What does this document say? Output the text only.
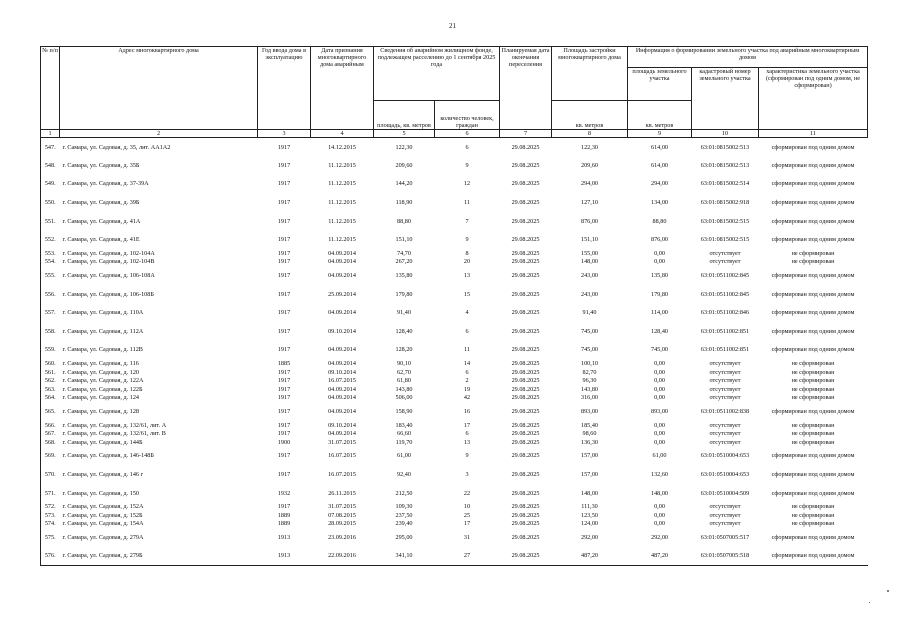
21
№ п/п	Адрес многоквартирного дома	Год ввода дома в эксплуатацию	Дата признания многоквартирного дома аварийным	Сведения об аварийном жилищном фонде, подлежащем расселению до 1 сентября 2025 года		Планируемая дата окончания переселения	Площадь застройки многоквартирного дома	Информация о формировании земельного участка под аварийным многоквартирным домом		
								площадь земельного участка	кадастровый номер земельного участка	характеристика земельного участка (сформирован под одним домом, не сформирован)
				площадь, кв. метров	количество человек, граждан		кв. метров	кв. метров		
1	2	3	4	5	6	7	8	9	10	11
547.	г. Самара, ул. Садовая, д. 35, лит. АА1А2	1917	14.12.2015	122,30	6	29.08.2025	122,30	614,00	63:01:0815002:513	сформирован под одним домом
548.	г. Самара, ул. Садовая, д. 35Б	1917	11.12.2015	209,60	9	29.08.2025	209,60	614,00	63:01:0815002:513	сформирован под одним домом
549.	г. Самара, ул. Садовая, д. 37-39А	1917	11.12.2015	144,20	12	29.08.2025	294,00	294,00	63:01:0815002:514	сформирован под одним домом
550.	г. Самара, ул. Садовая, д. 39Б	1917	11.12.2015	118,90	11	29.08.2025	127,10	134,00	63:01:0815002:918	сформирован под одним домом
551.	г. Самара, ул. Садовая, д. 41А	1917	11.12.2015	88,80	7	29.08.2025	876,00	88,80	63:01:0815002:515	сформирован под одним домом
552.	г. Самара, ул. Садовая, д. 41Е	1917	11.12.2015	151,10	9	29.08.2025	151,10	876,00	63:01:0815002:515	сформирован под одним домом
553.	г. Самара, ул. Садовая, д. 102-104А	1917	04.09.2014	74,70	8	29.08.2025	155,00	0,00	отсутствует	не сформирован
554.	г. Самара, ул. Садовая, д. 102-104В	1917	04.09.2014	267,20	20	29.08.2025	148,00	0,00	отсутствует	не сформирован
555.	г. Самара, ул. Садовая, д. 106-108А	1917	04.09.2014	135,80	13	29.08.2025	243,00	135,80	63:01:0511002:845	сформирован под одним домом
556.	г. Самара, ул. Садовая, д. 106-108Б	1917	25.09.2014	179,80	15	29.08.2025	243,00	179,80	63:01:0511002:845	сформирован под одним домом
557.	г. Самара, ул. Садовая, д. 110А	1917	04.09.2014	91,40	4	29.08.2025	91,40	114,00	63:01:0511002:846	сформирован под одним домом
558.	г. Самара, ул. Садовая, д. 112А	1917	09.10.2014	128,40	6	29.08.2025	745,00	128,40	63:01:0511002:851	сформирован под одним домом
559.	г. Самара, ул. Садовая, д. 112В	1917	04.09.2014	128,20	11	29.08.2025	745,00	745,00	63:01:0511002:851	сформирован под одним домом
560.	г. Самара, ул. Садовая, д. 116	1885	04.09.2014	90,10	14	29.08.2025	100,10	0,00	отсутствует	не сформирован
561.	г. Самара, ул. Садовая, д. 120	1917	09.10.2014	62,70	6	29.08.2025	82,70	0,00	отсутствует	не сформирован
562.	г. Самара, ул. Садовая, д. 122А	1917	16.07.2015	61,80	2	29.08.2025	96,30	0,00	отсутствует	не сформирован
563.	г. Самара, ул. Садовая, д. 122Б	1917	04.09.2014	143,80	19	29.08.2025	143,80	0,00	отсутствует	не сформирован
564.	г. Самара, ул. Садовая, д. 124	1917	04.09.2014	506,00	42	29.08.2025	316,00	0,00	отсутствует	не сформирован
565.	г. Самара, ул. Садовая, д. 128	1917	04.09.2014	158,90	16	29.08.2025	893,00	893,00	63:01:0511002:838	сформирован под одним домом
566.	г. Самара, ул. Садовая, д. 132/61, лит. А	1917	09.10.2014	183,40	17	29.08.2025	185,40	0,00	отсутствует	не сформирован
567.	г. Самара, ул. Садовая, д. 132/61, лит. В	1917	04.09.2014	66,60	6	29.08.2025	98,60	0,00	отсутствует	не сформирован
568.	г. Самара, ул. Садовая, д. 144Б	1900	31.07.2015	119,70	13	29.08.2025	136,30	0,00	отсутствует	не сформирован
569.	г. Самара, ул. Садовая, д. 146-148Б	1917	16.07.2015	61,00	9	29.08.2025	157,00	61,00	63:01:0510004:653	сформирован под одним домом
570.	г. Самара, ул. Садовая, д. 146 г	1917	16.07.2015	92,40	3	29.08.2025	157,00	132,60	63:01:0510004:653	сформирован под одним домом
571.	г. Самара, ул. Садовая, д. 150	1932	26.11.2015	212,50	22	29.08.2025	148,00	148,00	63:01:0510004:509	сформирован под одним домом
572.	г. Самара, ул. Садовая, д. 152А	1917	31.07.2015	109,30	10	29.08.2025	111,30	0,00	отсутствует	не сформирован
573.	г. Самара, ул. Садовая, д. 152Б	1889	07.08.2015	237,50	25	29.08.2025	123,50	0,00	отсутствует	не сформирован
574.	г. Самара, ул. Садовая, д. 154А	1889	28.09.2015	239,40	17	29.08.2025	124,00	0,00	отсутствует	не сформирован
575.	г. Самара, ул. Садовая, д. 279А	1913	23.09.2016	295,00	31	29.08.2025	292,00	292,00	63:01:0507005:517	сформирован под одним домом
576.	г. Самара, ул. Садовая, д. 279Б	1913	22.09.2016	341,10	27	29.08.2025	487,20	487,20	63:01:0507005:518	сформирован под одним домом
